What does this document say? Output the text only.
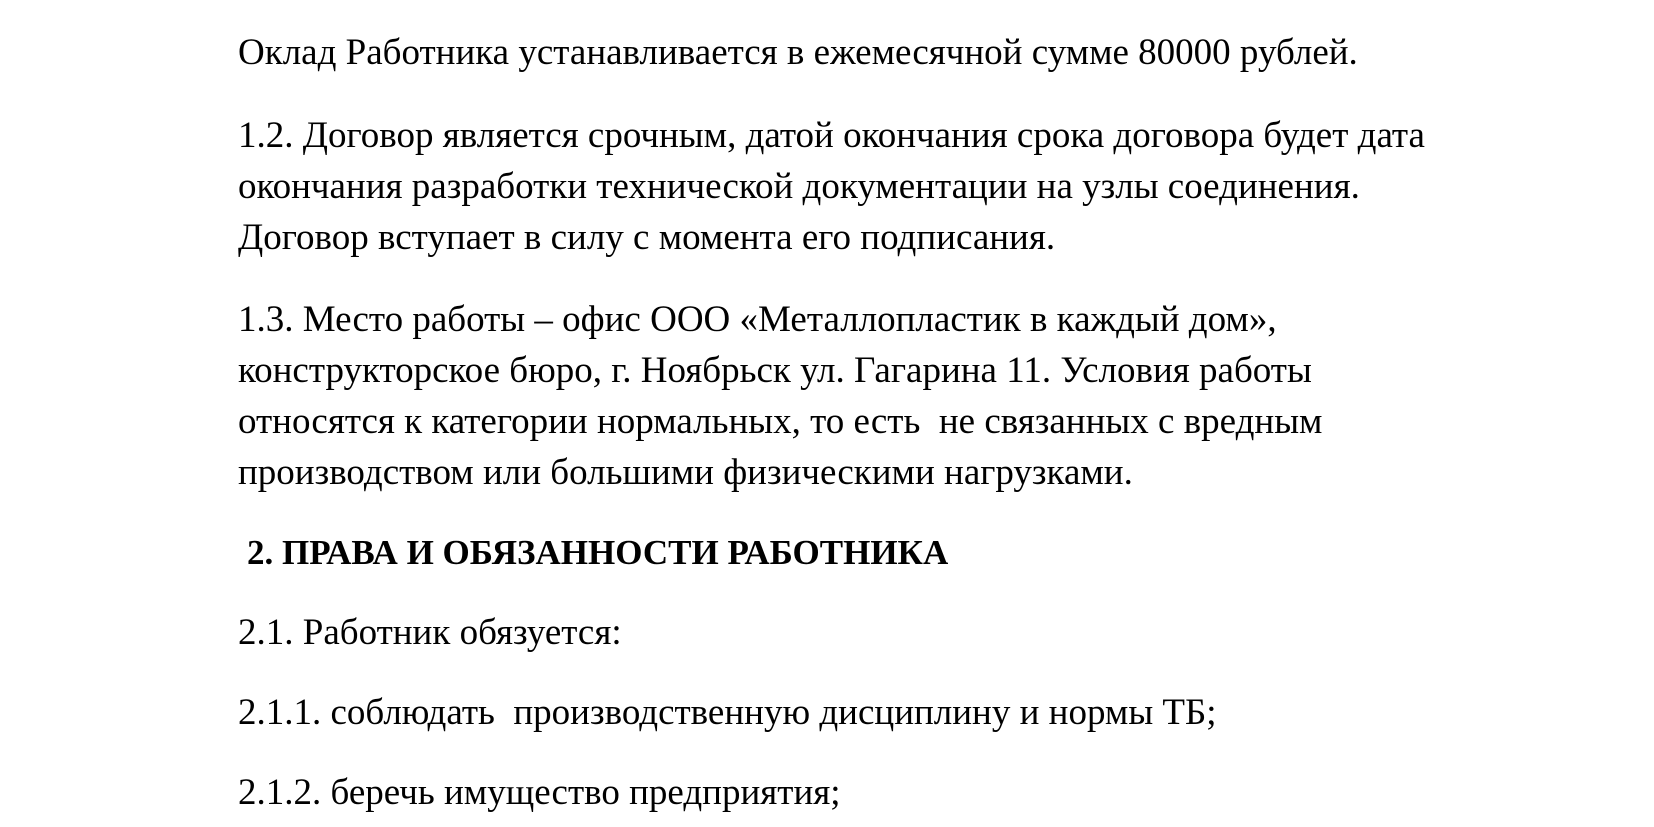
Оклад Работника устанавливается в ежемесячной сумме 80000 рублей.

1.2. Договор является срочным, датой окончания срока договора будет дата

окончания разработки технической документации на узлы соединения.

Договор вступает в силу с момента его подписания.

1.3. Место работы – офис ООО «Металлопластик в каждый дом»,

конструкторское бюро, г. Ноябрьск ул. Гагарина 11. Условия работы

относятся к категории нормальных, то есть  не связанных с вредным

производством или большими физическими нагрузками.

2. ПРАВА И ОБЯЗАННОСТИ РАБОТНИКА

2.1. Работник обязуется:

2.1.1. соблюдать  производственную дисциплину и нормы ТБ;

2.1.2. беречь имущество предприятия;
